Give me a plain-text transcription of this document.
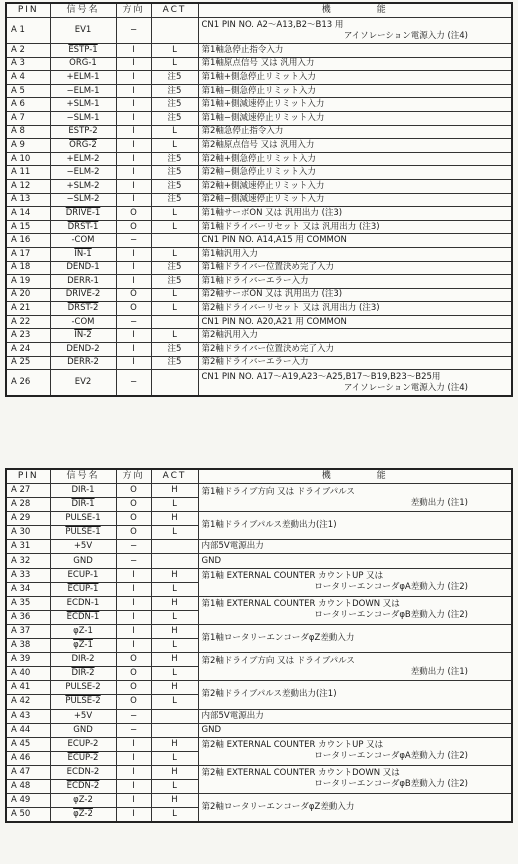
PIN	信号名	方向	ACT	機　　　　能
A 1	EV1	−		CN1 PIN NO. A2〜A13,B2〜B13 用
アイソレーション電源入力 (注4)

A 2	ESTP-1	I	L	第1軸急停止指令入力
A 3	ORG-1	I	L	第1軸原点信号 又は 汎用入力
A 4	+ELM-1	I	注5	第1軸+側急停止リミット入力
A 5	−ELM-1	I	注5	第1軸−側急停止リミット入力
A 6	+SLM-1	I	注5	第1軸+側減速停止リミット入力
A 7	−SLM-1	I	注5	第1軸−側減速停止リミット入力
A 8	ESTP-2	I	L	第2軸急停止指令入力
A 9	ORG-2	I	L	第2軸原点信号 又は 汎用入力
A 10	+ELM-2	I	注5	第2軸+側急停止リミット入力
A 11	−ELM-2	I	注5	第2軸−側急停止リミット入力
A 12	+SLM-2	I	注5	第2軸+側減速停止リミット入力
A 13	−SLM-2	I	注5	第2軸−側減速停止リミット入力
A 14	DRIVE-1	O	L	第1軸サーボON 又は 汎用出力 (注3)
A 15	DRST-1	O	L	第1軸ドライバーリセット 又は 汎用出力 (注3)
A 16	-COM	−		CN1 PIN NO. A14,A15 用 COMMON
A 17	IN-1	I	L	第1軸汎用入力
A 18	DEND-1	I	注5	第1軸ドライバー位置決め完了入力
A 19	DERR-1	I	注5	第1軸ドライバーエラー入力
A 20	DRIVE-2	O	L	第2軸サーボON 又は 汎用出力 (注3)
A 21	DRST-2	O	L	第2軸ドライバーリセット 又は 汎用出力 (注3)
A 22	-COM	−		CN1 PIN NO. A20,A21 用 COMMON
A 23	IN-2	I	L	第2軸汎用入力
A 24	DEND-2	I	注5	第2軸ドライバー位置決め完了入力
A 25	DERR-2	I	注5	第2軸ドライバーエラー入力
A 26	EV2	−		CN1 PIN NO. A17〜A19,A23〜A25,B17〜B19,B23〜B25用
アイソレーション電源入力 (注4)
PIN	信号名	方向	ACT	機　　　　能
A 27	DIR-1	O	H	第1軸ドライブ方向 又は ドライブパルス
差動出力 (注1)

A 28	DIR-1	O	L	
A 29	PULSE-1	O	H	第1軸ドライブパルス差動出力(注1)
A 30	PULSE-1	O	L	
A 31	+5V	−		内部5V電源出力
A 32	GND	−		GND
A 33	ECUP-1	I	H	第1軸 EXTERNAL COUNTER カウントUP 又は
ロータリーエンコーダφA差動入力 (注2)

A 34	ECUP-1	I	L	
A 35	ECDN-1	I	H	第1軸 EXTERNAL COUNTER カウントDOWN 又は
ロータリーエンコーダφB差動入力 (注2)

A 36	ECDN-1	I	L	
A 37	φZ-1	I	H	第1軸ロータリーエンコーダφZ差動入力
A 38	φZ-1	I	L	
A 39	DIR-2	O	H	第2軸ドライブ方向 又は ドライブパルス
差動出力 (注1)

A 40	DIR-2	O	L	
A 41	PULSE-2	O	H	第2軸ドライブパルス差動出力(注1)
A 42	PULSE-2	O	L	
A 43	+5V	−		内部5V電源出力
A 44	GND	−		GND
A 45	ECUP-2	I	H	第2軸 EXTERNAL COUNTER カウントUP 又は
ロータリーエンコーダφA差動入力 (注2)

A 46	ECUP-2	I	L	
A 47	ECDN-2	I	H	第2軸 EXTERNAL COUNTER カウントDOWN 又は
ロータリーエンコーダφB差動入力 (注2)

A 48	ECDN-2	I	L	
A 49	φZ-2	I	H	第2軸ロータリーエンコーダφZ差動入力
A 50	φZ-2	I	L	
